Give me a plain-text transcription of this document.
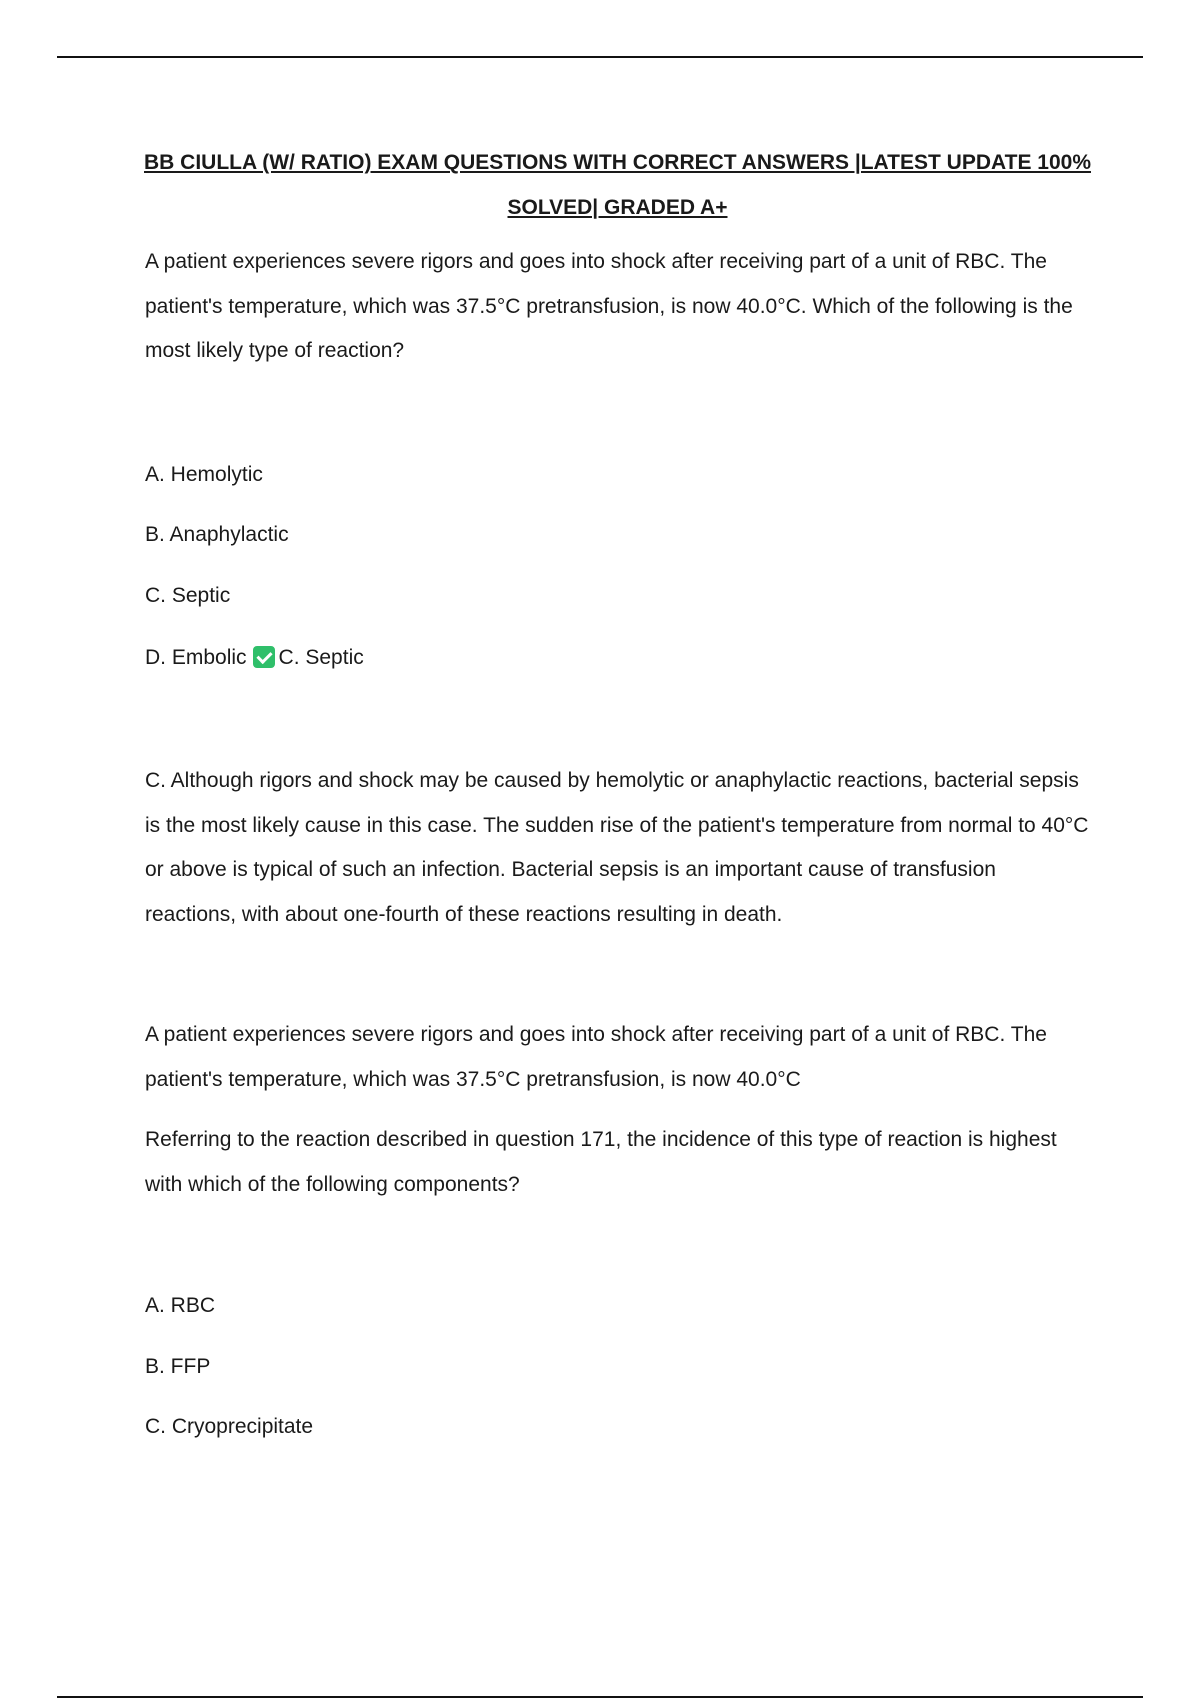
BB CIULLA (W/ RATIO) EXAM QUESTIONS WITH CORRECT ANSWERS |LATEST UPDATE 100% SOLVED| GRADED A+

A patient experiences severe rigors and goes into shock after receiving part of a unit of RBC. The patient's temperature, which was 37.5°C pretransfusion, is now 40.0°C. Which of the following is the most likely type of reaction?

A. Hemolytic

B. Anaphylactic

C. Septic

D. Embolic C. Septic

C. Although rigors and shock may be caused by hemolytic or anaphylactic reactions, bacterial sepsis is the most likely cause in this case. The sudden rise of the patient's temperature from normal to 40°C or above is typical of such an infection. Bacterial sepsis is an important cause of transfusion reactions, with about one-fourth of these reactions resulting in death.

A patient experiences severe rigors and goes into shock after receiving part of a unit of RBC. The patient's temperature, which was 37.5°C pretransfusion, is now 40.0°C

Referring to the reaction described in question 171, the incidence of this type of reaction is highest with which of the following components?

A. RBC

B. FFP

C. Cryoprecipitate
